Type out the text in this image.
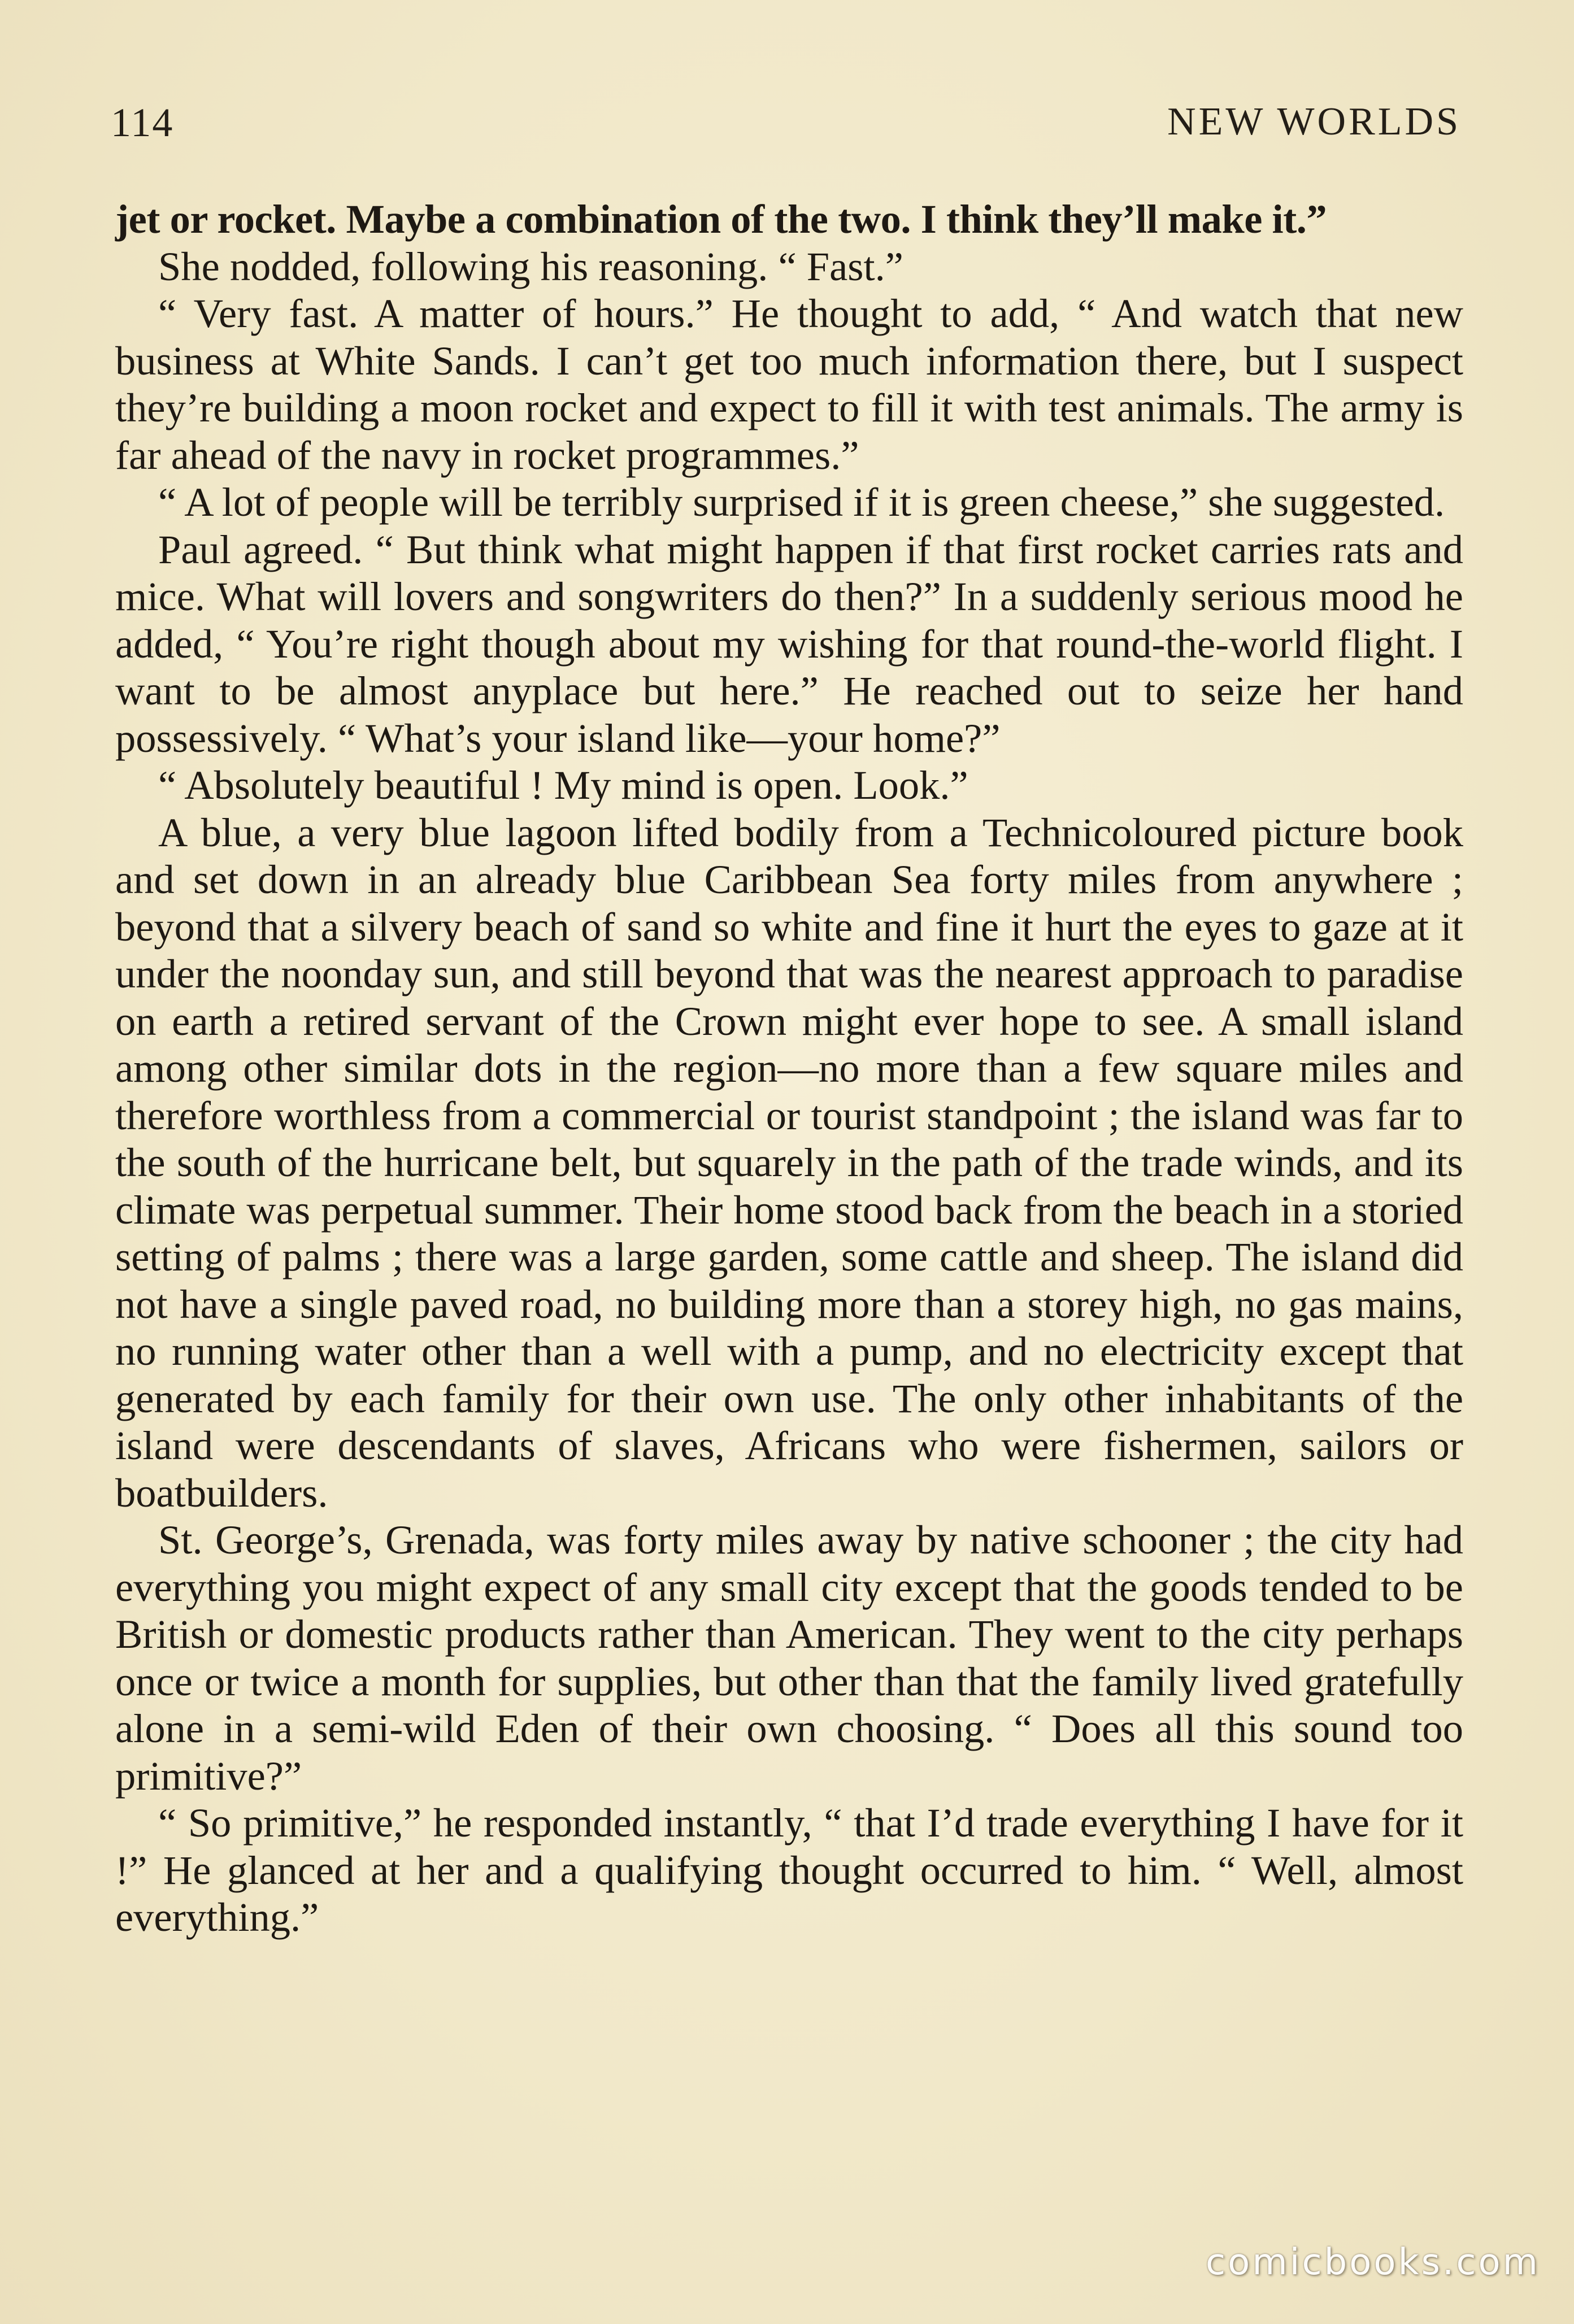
114	NEW WORLDS

jet or rocket. Maybe a combination of the two. I think they’ll make it.”

She nodded, following his reasoning. “ Fast.”

“ Very fast. A matter of hours.” He thought to add, “ And watch that new business at White Sands. I can’t get too much information there, but I suspect they’re building a moon rocket and expect to fill it with test animals. The army is far ahead of the navy in rocket programmes.”

“ A lot of people will be terribly surprised if it is green cheese,” she suggested.

Paul agreed. “ But think what might happen if that first rocket carries rats and mice. What will lovers and songwriters do then?” In a suddenly serious mood he added, “ You’re right though about my wishing for that round-the-world flight. I want to be almost anyplace but here.” He reached out to seize her hand possessively. “ What’s your island like—your home?”

“ Absolutely beautiful ! My mind is open. Look.”

A blue, a very blue lagoon lifted bodily from a Technicoloured picture book and set down in an already blue Caribbean Sea forty miles from anywhere ; beyond that a silvery beach of sand so white and fine it hurt the eyes to gaze at it under the noonday sun, and still beyond that was the nearest approach to paradise on earth a retired servant of the Crown might ever hope to see. A small island among other similar dots in the region—no more than a few square miles and therefore worthless from a commercial or tourist standpoint ; the island was far to the south of the hurricane belt, but squarely in the path of the trade winds, and its climate was perpetual summer. Their home stood back from the beach in a storied setting of palms ; there was a large garden, some cattle and sheep. The island did not have a single paved road, no building more than a storey high, no gas mains, no running water other than a well with a pump, and no electricity except that generated by each family for their own use. The only other inhabitants of the island were descendants of slaves, Africans who were fishermen, sailors or boatbuilders.

St. George’s, Grenada, was forty miles away by native schooner ; the city had everything you might expect of any small city except that the goods tended to be British or domestic products rather than American. They went to the city perhaps once or twice a month for supplies, but other than that the family lived gratefully alone in a semi-wild Eden of their own choosing. “ Does all this sound too primitive?”

“ So primitive,” he responded instantly, “ that I’d trade everything I have for it !” He glanced at her and a qualifying thought occurred to him. “ Well, almost everything.”

comicbooks.com
